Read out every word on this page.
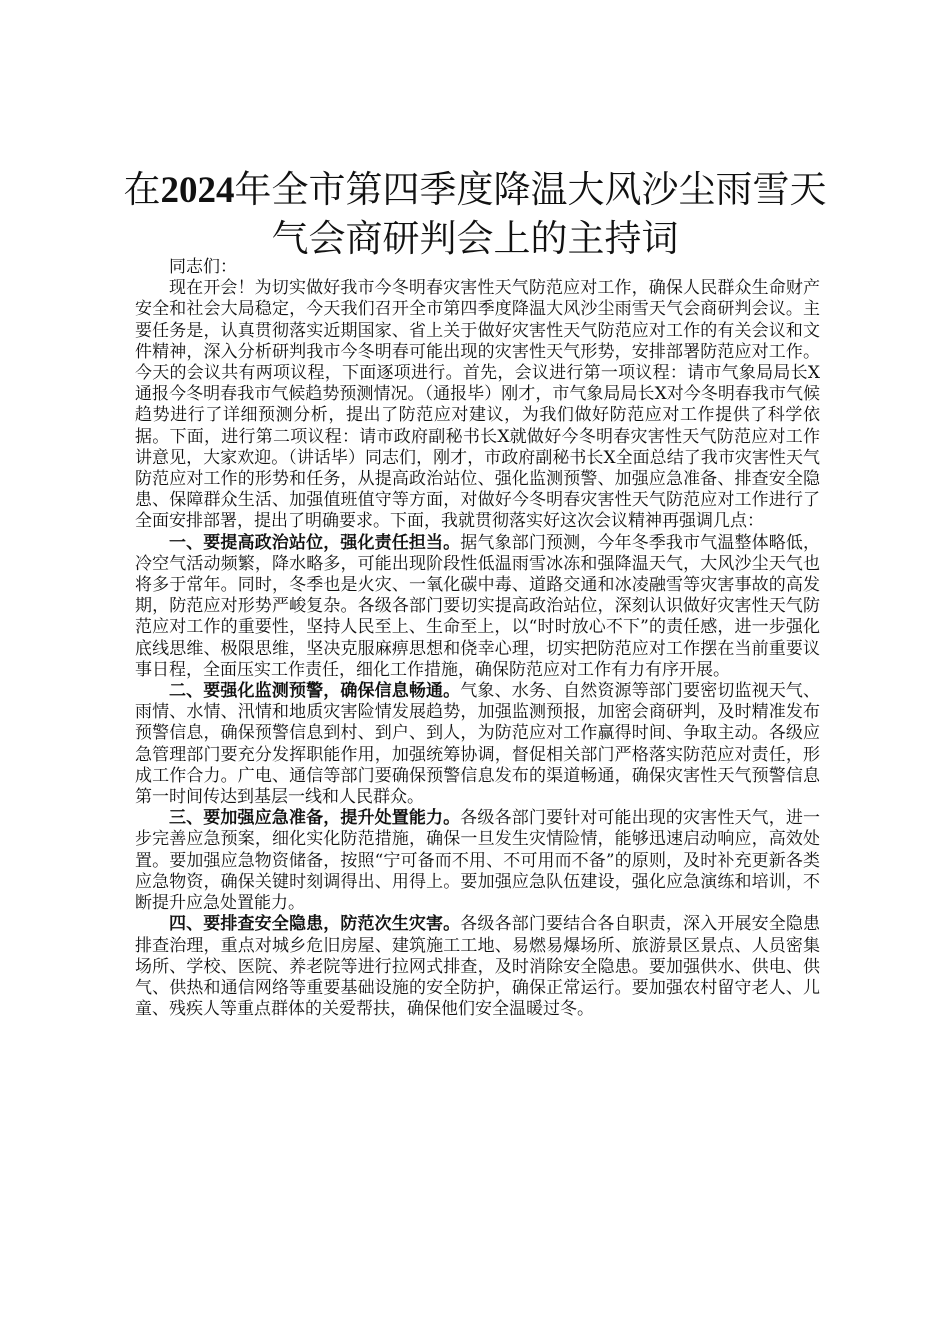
在2024年全市第四季度降温大风沙尘雨雪天气会商研判会上的主持词

同志们：

现在开会！为切实做好我市今冬明春灾害性天气防范应对工作，确保人民群众生命财产安全和社会大局稳定，今天我们召开全市第四季度降温大风沙尘雨雪天气会商研判会议。主要任务是，认真贯彻落实近期国家、省上关于做好灾害性天气防范应对工作的有关会议和文件精神，深入分析研判我市今冬明春可能出现的灾害性天气形势，安排部署防范应对工作。今天的会议共有两项议程，下面逐项进行。首先，会议进行第一项议程：请市气象局局长X通报今冬明春我市气候趋势预测情况。（通报毕）刚才，市气象局局长X对今冬明春我市气候趋势进行了详细预测分析，提出了防范应对建议，为我们做好防范应对工作提供了科学依据。下面，进行第二项议程：请市政府副秘书长X就做好今冬明春灾害性天气防范应对工作讲意见，大家欢迎。（讲话毕）同志们，刚才，市政府副秘书长X全面总结了我市灾害性天气防范应对工作的形势和任务，从提高政治站位、强化监测预警、加强应急准备、排查安全隐患、保障群众生活、加强值班值守等方面，对做好今冬明春灾害性天气防范应对工作进行了全面安排部署，提出了明确要求。下面，我就贯彻落实好这次会议精神再强调几点：

一、要提高政治站位，强化责任担当。据气象部门预测，今年冬季我市气温整体略低，冷空气活动频繁，降水略多，可能出现阶段性低温雨雪冰冻和强降温天气，大风沙尘天气也将多于常年。同时，冬季也是火灾、一氧化碳中毒、道路交通和冰凌融雪等灾害事故的高发期，防范应对形势严峻复杂。各级各部门要切实提高政治站位，深刻认识做好灾害性天气防范应对工作的重要性，坚持人民至上、生命至上，以“时时放心不下”的责任感，进一步强化底线思维、极限思维，坚决克服麻痹思想和侥幸心理，切实把防范应对工作摆在当前重要议事日程，全面压实工作责任，细化工作措施，确保防范应对工作有力有序开展。

二、要强化监测预警，确保信息畅通。气象、水务、自然资源等部门要密切监视天气、雨情、水情、汛情和地质灾害险情发展趋势，加强监测预报，加密会商研判，及时精准发布预警信息，确保预警信息到村、到户、到人，为防范应对工作赢得时间、争取主动。各级应急管理部门要充分发挥职能作用，加强统筹协调，督促相关部门严格落实防范应对责任，形成工作合力。广电、通信等部门要确保预警信息发布的渠道畅通，确保灾害性天气预警信息第一时间传达到基层一线和人民群众。

三、要加强应急准备，提升处置能力。各级各部门要针对可能出现的灾害性天气，进一步完善应急预案，细化实化防范措施，确保一旦发生灾情险情，能够迅速启动响应，高效处置。要加强应急物资储备，按照“宁可备而不用、不可用而不备”的原则，及时补充更新各类应急物资，确保关键时刻调得出、用得上。要加强应急队伍建设，强化应急演练和培训，不断提升应急处置能力。

四、要排查安全隐患，防范次生灾害。各级各部门要结合各自职责，深入开展安全隐患排查治理，重点对城乡危旧房屋、建筑施工工地、易燃易爆场所、旅游景区景点、人员密集场所、学校、医院、养老院等进行拉网式排查，及时消除安全隐患。要加强供水、供电、供气、供热和通信网络等重要基础设施的安全防护，确保正常运行。要加强农村留守老人、儿童、残疾人等重点群体的关爱帮扶，确保他们安全温暖过冬。
